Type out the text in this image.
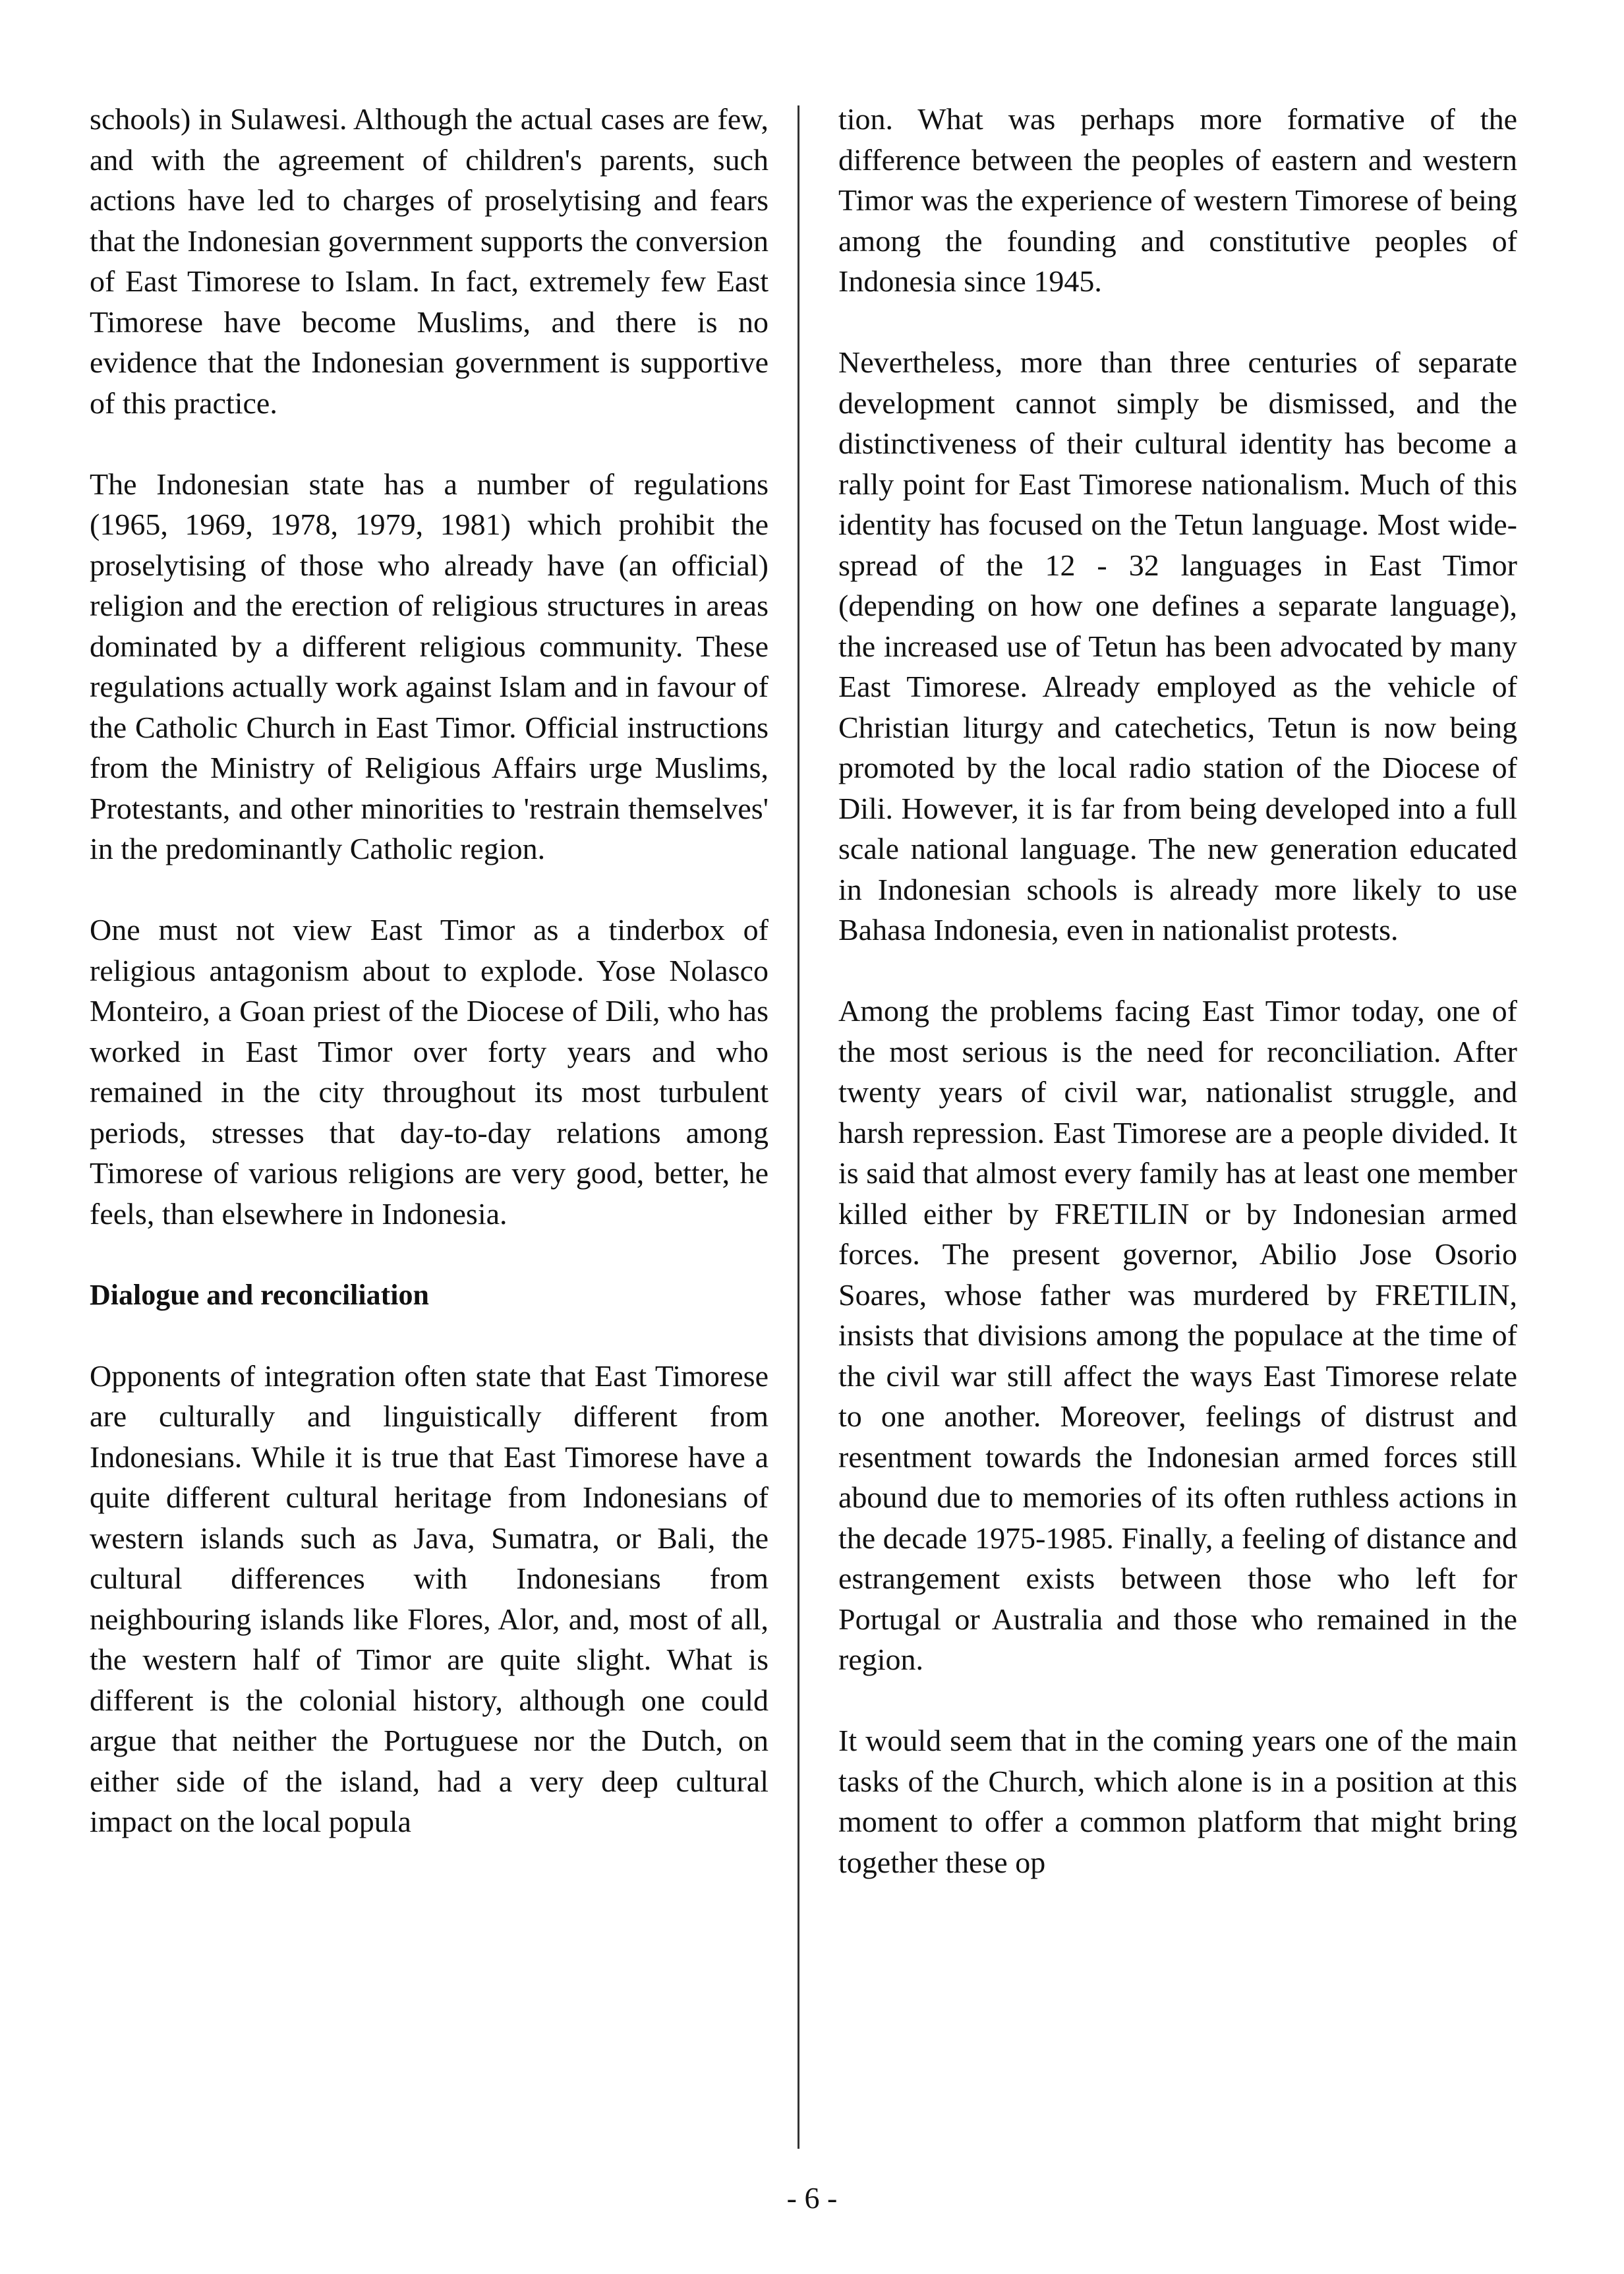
schools) in Sulawesi. Although the actual cases are few, and with the agreement of children's parents, such actions have led to charges of proselytising and fears that the Indonesian government supports the conversion of East Timorese to Islam. In fact, extremely few East Timorese have become Muslims, and there is no evidence that the Indonesian government is supportive of this practice.

The Indonesian state has a number of regulations (1965, 1969, 1978, 1979, 1981) which prohibit the proselytising of those who already have (an official) religion and the erection of religious structures in areas dominated by a different religious community. These regulations actually work against Islam and in favour of the Catholic Church in East Timor. Official instructions from the Ministry of Religious Affairs urge Muslims, Protestants, and other minorities to 'restrain themselves' in the predominantly Catholic region.

One must not view East Timor as a tinderbox of religious antagonism about to explode. Yose Nolasco Monteiro, a Goan priest of the Diocese of Dili, who has worked in East Timor over forty years and who remained in the city throughout its most turbulent periods, stresses that day-to-day relations among Timorese of various religions are very good, better, he feels, than elsewhere in Indonesia.

Dialogue and reconciliation

Opponents of integration often state that East Timorese are culturally and linguistically different from Indonesians. While it is true that East Timorese have a quite different cultural heritage from Indonesians of western islands such as Java, Sumatra, or Bali, the cultural differences with Indonesians from neighbouring islands like Flores, Alor, and, most of all, the western half of Timor are quite slight. What is different is the colonial history, although one could argue that neither the Portuguese nor the Dutch, on either side of the island, had a very deep cultural impact on the local popula

tion. What was perhaps more formative of the difference between the peoples of eastern and western Timor was the experience of western Timorese of being among the founding and constitutive peoples of Indonesia since 1945.

Nevertheless, more than three centuries of separate development cannot simply be dismissed, and the distinctiveness of their cultural identity has become a rally point for East Timorese nationalism. Much of this identity has focused on the Tetun language. Most widespread of the 12 - 32 languages in East Timor (depending on how one defines a separate language), the increased use of Tetun has been advocated by many East Timorese. Already employed as the vehicle of Christian liturgy and catechetics, Tetun is now being promoted by the local radio station of the Diocese of Dili. However, it is far from being developed into a full scale national language. The new generation educated in Indonesian schools is already more likely to use Bahasa Indonesia, even in nationalist protests.

Among the problems facing East Timor today, one of the most serious is the need for reconciliation. After twenty years of civil war, nationalist struggle, and harsh repression. East Timorese are a people divided. It is said that almost every family has at least one member killed either by FRETILIN or by Indonesian armed forces. The present governor, Abilio Jose Osorio Soares, whose father was murdered by FRETILIN, insists that divisions among the populace at the time of the civil war still affect the ways East Timorese relate to one another. Moreover, feelings of distrust and resentment towards the Indonesian armed forces still abound due to memories of its often ruthless actions in the decade 1975-1985. Finally, a feeling of distance and estrangement exists between those who left for Portugal or Australia and those who remained in the region.

It would seem that in the coming years one of the main tasks of the Church, which alone is in a position at this moment to offer a common platform that might bring together these op

- 6 -
